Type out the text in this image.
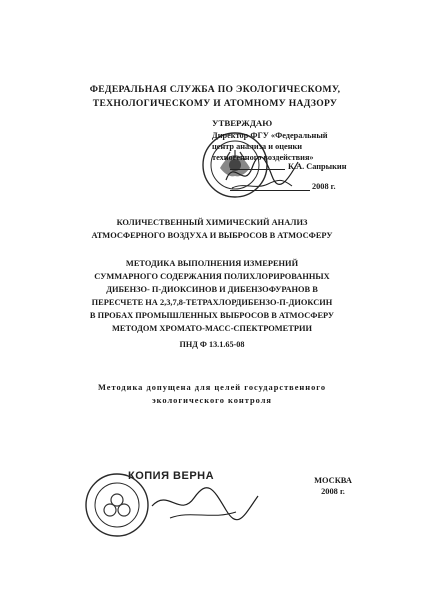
ФЕДЕРАЛЬНАЯ СЛУЖБА ПО ЭКОЛОГИЧЕСКОМУ,
ТЕХНОЛОГИЧЕСКОМУ И АТОМНОМУ НАДЗОРУ
УТВЕРЖДАЮ
Директор ФГУ «Федеральный
центр анализа и оценки
техногенного воздействия»
К.А. Сапрыкин
2008 г.
КОЛИЧЕСТВЕННЫЙ ХИМИЧЕСКИЙ АНАЛИЗ
АТМОСФЕРНОГО ВОЗДУХА И ВЫБРОСОВ В АТМОСФЕРУ
МЕТОДИКА ВЫПОЛНЕНИЯ ИЗМЕРЕНИЙ
СУММАРНОГО СОДЕРЖАНИЯ ПОЛИХЛОРИРОВАННЫХ
ДИБЕНЗО- П-ДИОКСИНОВ И ДИБЕНЗОФУРАНОВ В
ПЕРЕСЧЕТЕ НА 2,3,7,8-ТЕТРАХЛОРДИБЕНЗО-П-ДИОКСИН
В ПРОБАХ ПРОМЫШЛЕННЫХ ВЫБРОСОВ В АТМОСФЕРУ
МЕТОДОМ ХРОМАТО-МАСС-СПЕКТРОМЕТРИИ
ПНД Ф 13.1.65-08
Методика допущена для целей государственного
экологического контроля
КОПИЯ ВЕРНА	МОСКВА
2008 г.
